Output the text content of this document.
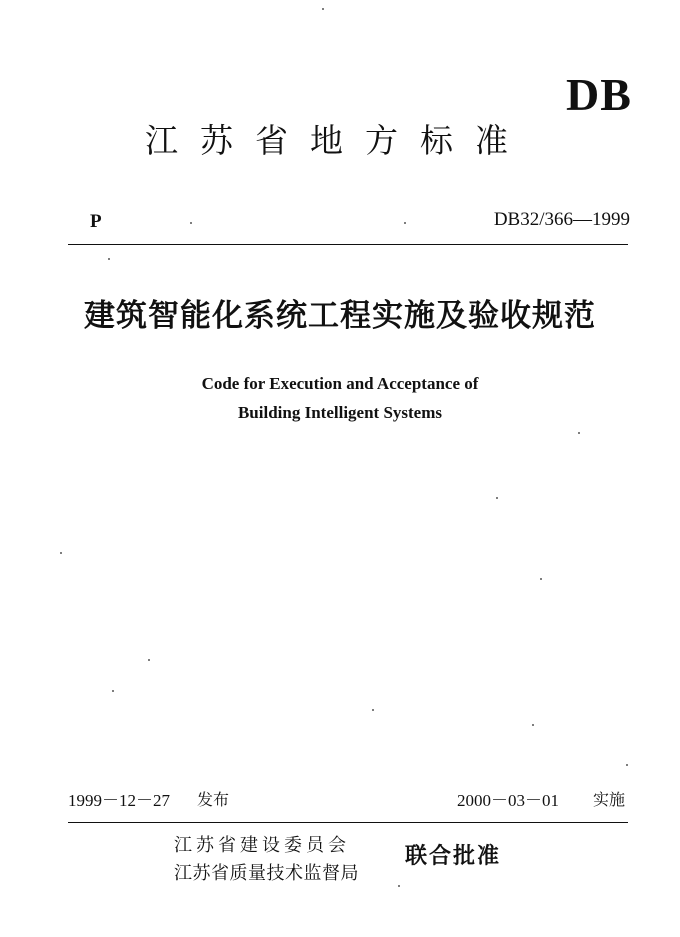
DB
江苏省地方标准
P	DB32/366—1999
建筑智能化系统工程实施及验收规范
Code for Execution and Acceptance of
Building Intelligent Systems
1999－12－27 发布	2000－03－01 实施
江苏省建设委员会
江苏省质量技术监督局
联合批准
